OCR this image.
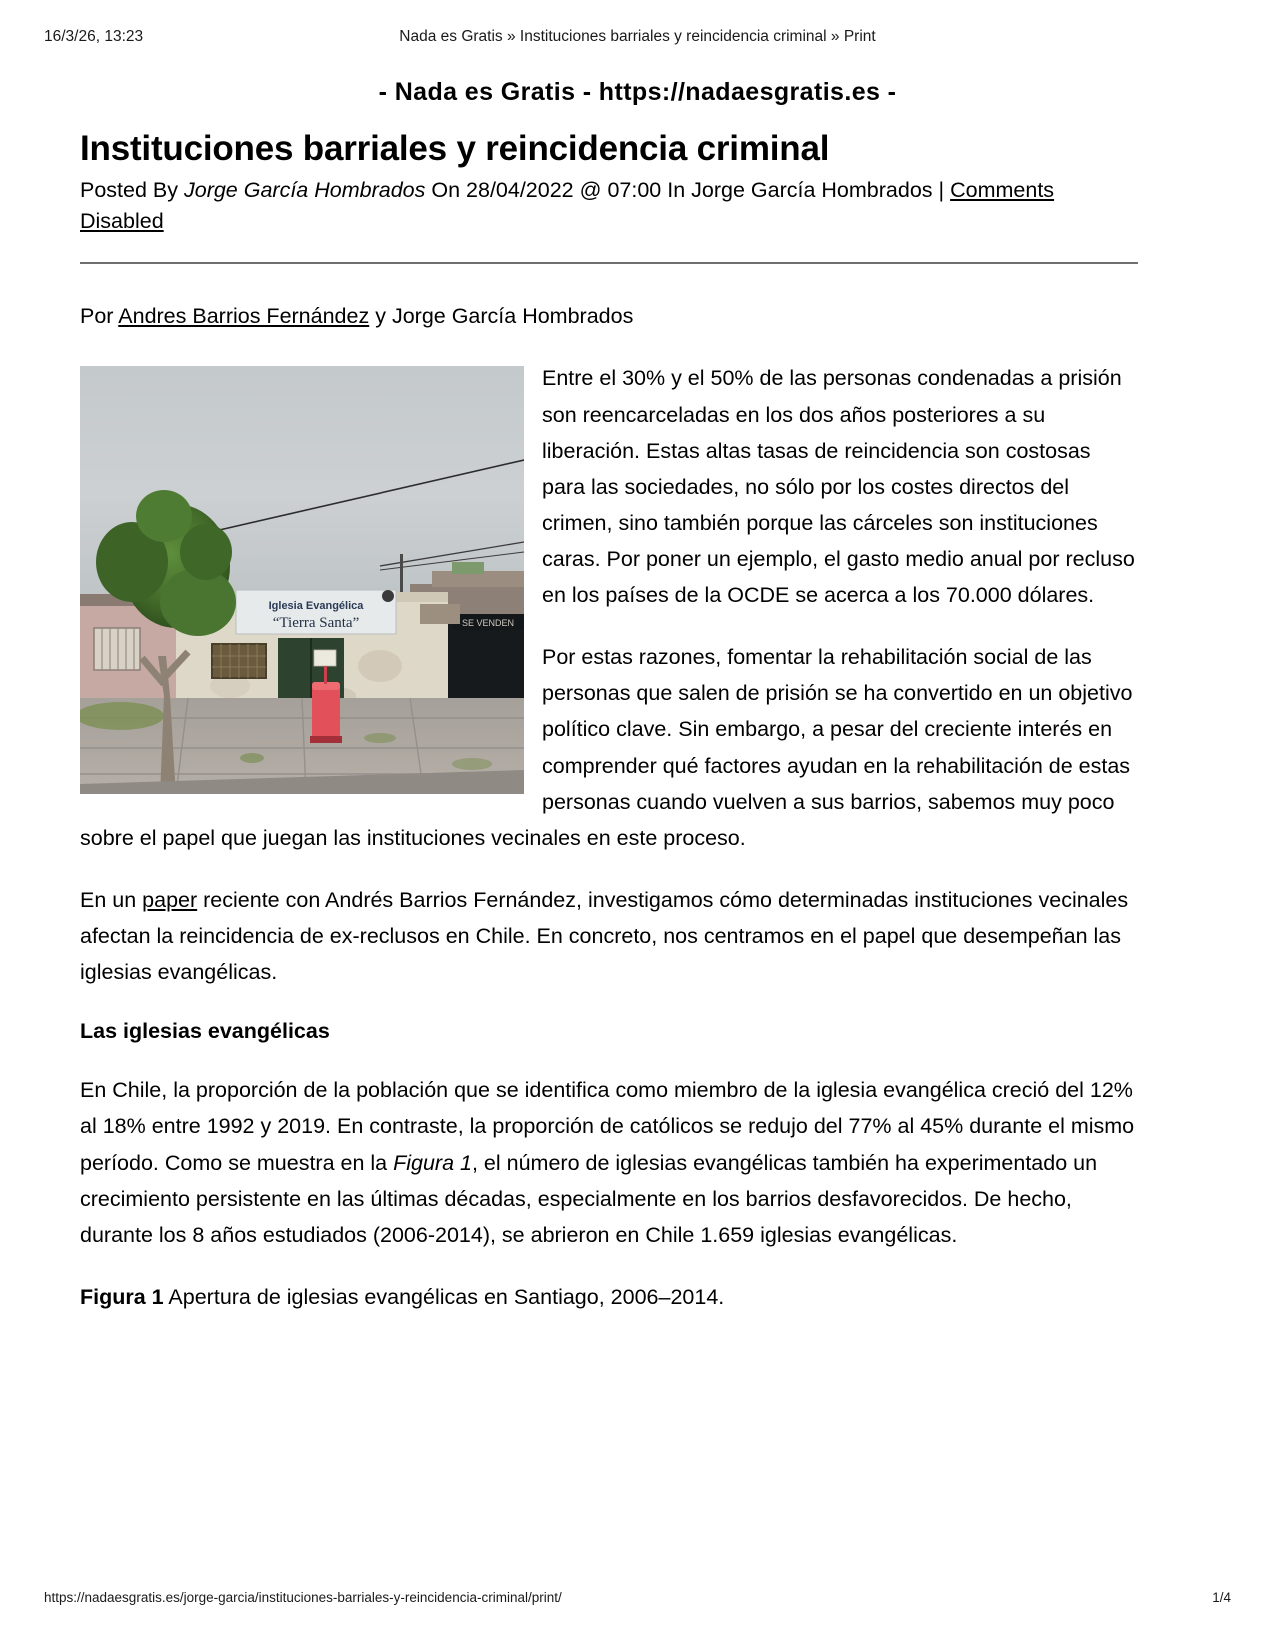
16/3/26, 13:23	Nada es Gratis » Instituciones barriales y reincidencia criminal » Print
- Nada es Gratis - https://nadaesgratis.es -
Instituciones barriales y reincidencia criminal

Posted By Jorge García Hombrados On 28/04/2022 @ 07:00 In Jorge García Hombrados | Comments Disabled

Por Andres Barrios Fernández y Jorge García Hombrados

Iglesia Evangélica
“Tierra Santa”	SE VENDEN

Entre el 30% y el 50% de las personas condenadas a prisión son reencarceladas en los dos años posteriores a su liberación. Estas altas tasas de reincidencia son costosas para las sociedades, no sólo por los costes directos del crimen, sino también porque las cárceles son instituciones caras. Por poner un ejemplo, el gasto medio anual por recluso en los países de la OCDE se acerca a los 70.000 dólares.

Por estas razones, fomentar la rehabilitación social de las personas que salen de prisión se ha convertido en un objetivo político clave. Sin embargo, a pesar del creciente interés en comprender qué factores ayudan en la rehabilitación de estas personas cuando vuelven a sus barrios, sabemos muy poco sobre el papel que juegan las instituciones vecinales en este proceso.

En un paper reciente con Andrés Barrios Fernández, investigamos cómo determinadas instituciones vecinales afectan la reincidencia de ex-reclusos en Chile. En concreto, nos centramos en el papel que desempeñan las iglesias evangélicas.

Las iglesias evangélicas

En Chile, la proporción de la población que se identifica como miembro de la iglesia evangélica creció del 12% al 18% entre 1992 y 2019. En contraste, la proporción de católicos se redujo del 77% al 45% durante el mismo período. Como se muestra en la Figura 1, el número de iglesias evangélicas también ha experimentado un crecimiento persistente en las últimas décadas, especialmente en los barrios desfavorecidos. De hecho, durante los 8 años estudiados (2006-2014), se abrieron en Chile 1.659 iglesias evangélicas.

Figura 1 Apertura de iglesias evangélicas en Santiago, 2006–2014.

https://nadaesgratis.es/jorge-garcia/instituciones-barriales-y-reincidencia-criminal/print/	1/4
